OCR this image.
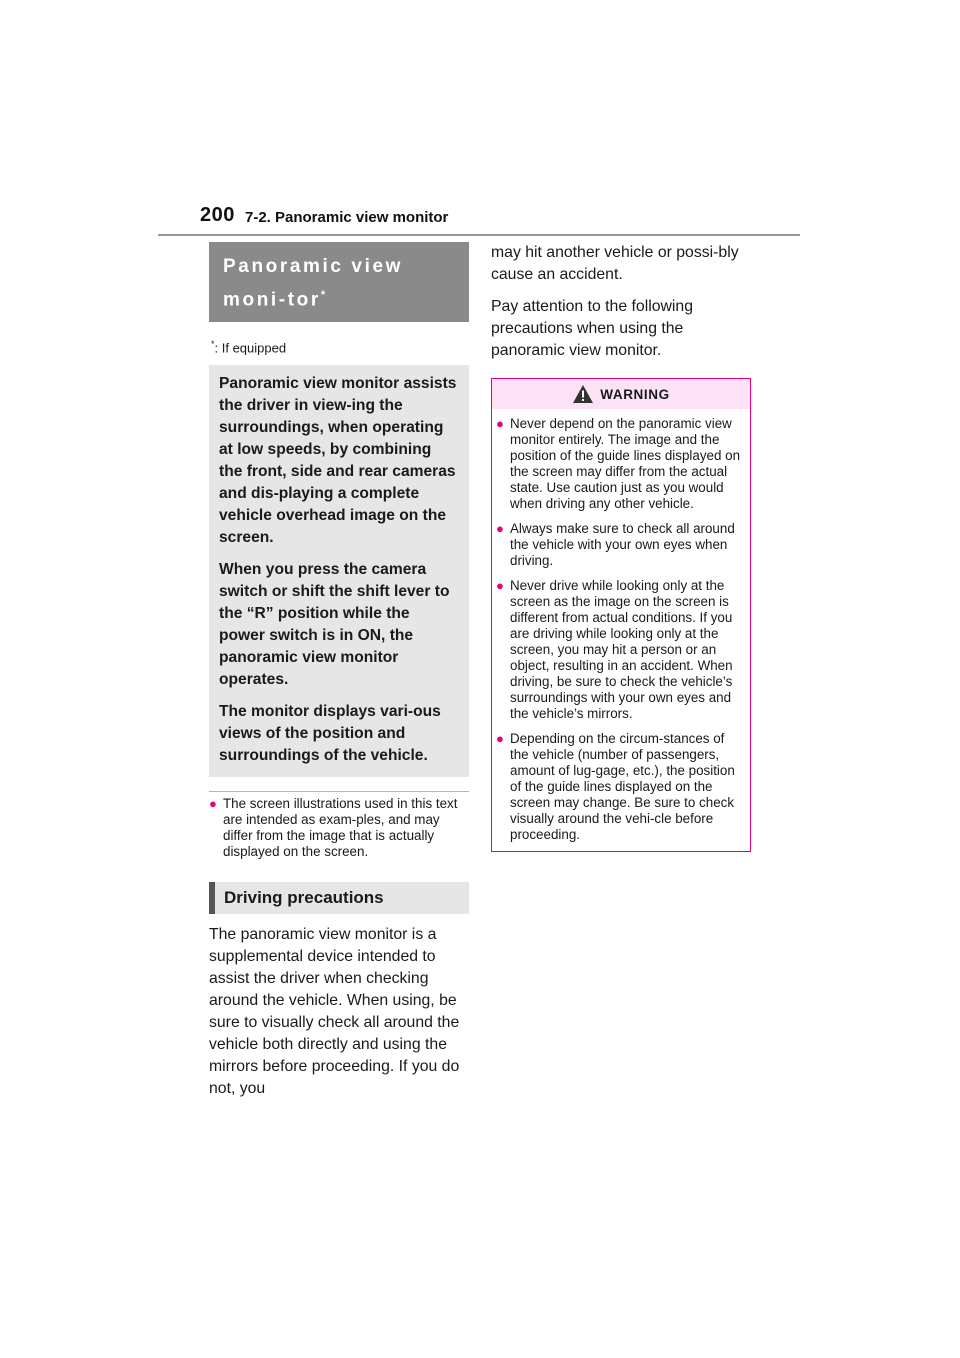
200 7-2. Panoramic view monitor
Panoramic view moni-tor*
*: If equipped

Panoramic view monitor assists the driver in view-ing the surroundings, when operating at low speeds, by combining the front, side and rear cameras and dis-playing a complete vehicle overhead image on the screen.

When you press the camera switch or shift the shift lever to the “R” position while the power switch is in ON, the panoramic view monitor operates.

The monitor displays vari-ous views of the position and surroundings of the vehicle.

● The screen illustrations used in this text are intended as exam-ples, and may differ from the image that is actually displayed on the screen.
Driving precautions

The panoramic view monitor is a supplemental device intended to assist the driver when checking around the vehicle. When using, be sure to visually check all around the vehicle both directly and using the mirrors before proceeding. If you do not, you

may hit another vehicle or possi-bly cause an accident.

Pay attention to the following precautions when using the panoramic view monitor.

WARNING
● Never depend on the panoramic view monitor entirely. The image and the position of the guide lines displayed on the screen may differ from the actual state. Use caution just as you would when driving any other vehicle.
● Always make sure to check all around the vehicle with your own eyes when driving.
● Never drive while looking only at the screen as the image on the screen is different from actual conditions. If you are driving while looking only at the screen, you may hit a person or an object, resulting in an accident. When driving, be sure to check the vehicle’s surroundings with your own eyes and the vehicle’s mirrors.
● Depending on the circum-stances of the vehicle (number of passengers, amount of lug-gage, etc.), the position of the guide lines displayed on the screen may change. Be sure to check visually around the vehi-cle before proceeding.
